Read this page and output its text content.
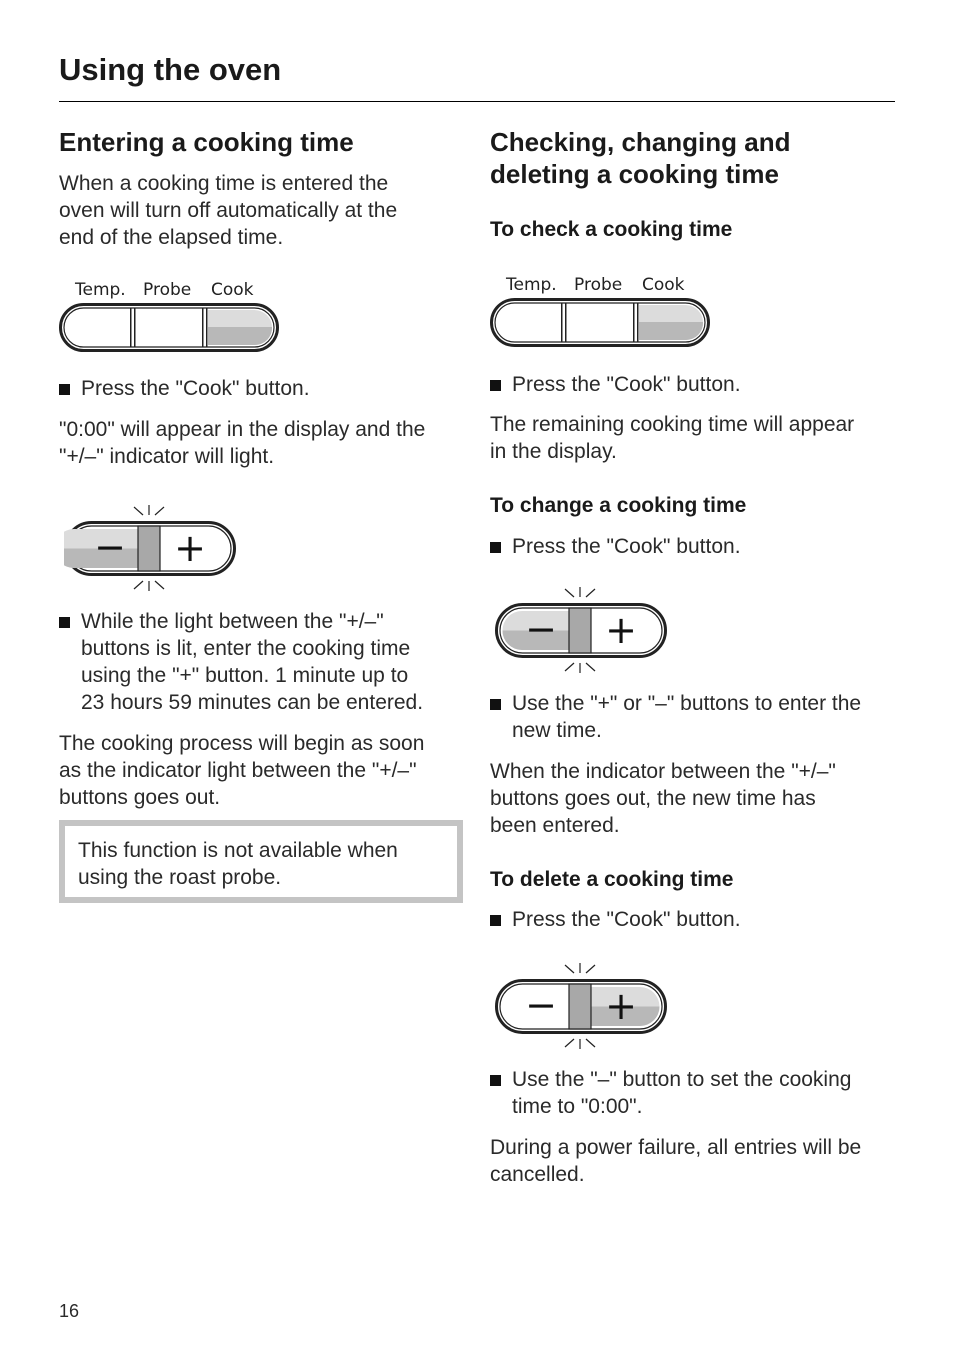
Using the oven
Entering a cooking time

When a cooking time is entered the

oven will turn off automatically at the

end of the elapsed time.

Temp. Probe Cook
Press the "Cook" button.

"0:00" will appear in the display and the

"+/–" indicator will light.

− +
While the light between the "+/–"
buttons is lit, enter the cooking time
using the "+" button. 1 minute up to
23 hours 59 minutes can be entered.

The cooking process will begin as soon

as the indicator light between the "+/–"

buttons goes out.

This function is not available when
using the roast probe.

Checking, changing and
deleting a cooking time
To check a cooking time
Temp. Probe Cook
Press the "Cook" button.

The remaining cooking time will appear

in the display.

To change a cooking time
Press the "Cook" button.
− +
Use the "+" or "–" buttons to enter the
new time.

When the indicator between the "+/–"

buttons goes out, the new time has

been entered.

To delete a cooking time
Press the "Cook" button.
− +
Use the "–" button to set the cooking
time to "0:00".

During a power failure, all entries will be

cancelled.

16
